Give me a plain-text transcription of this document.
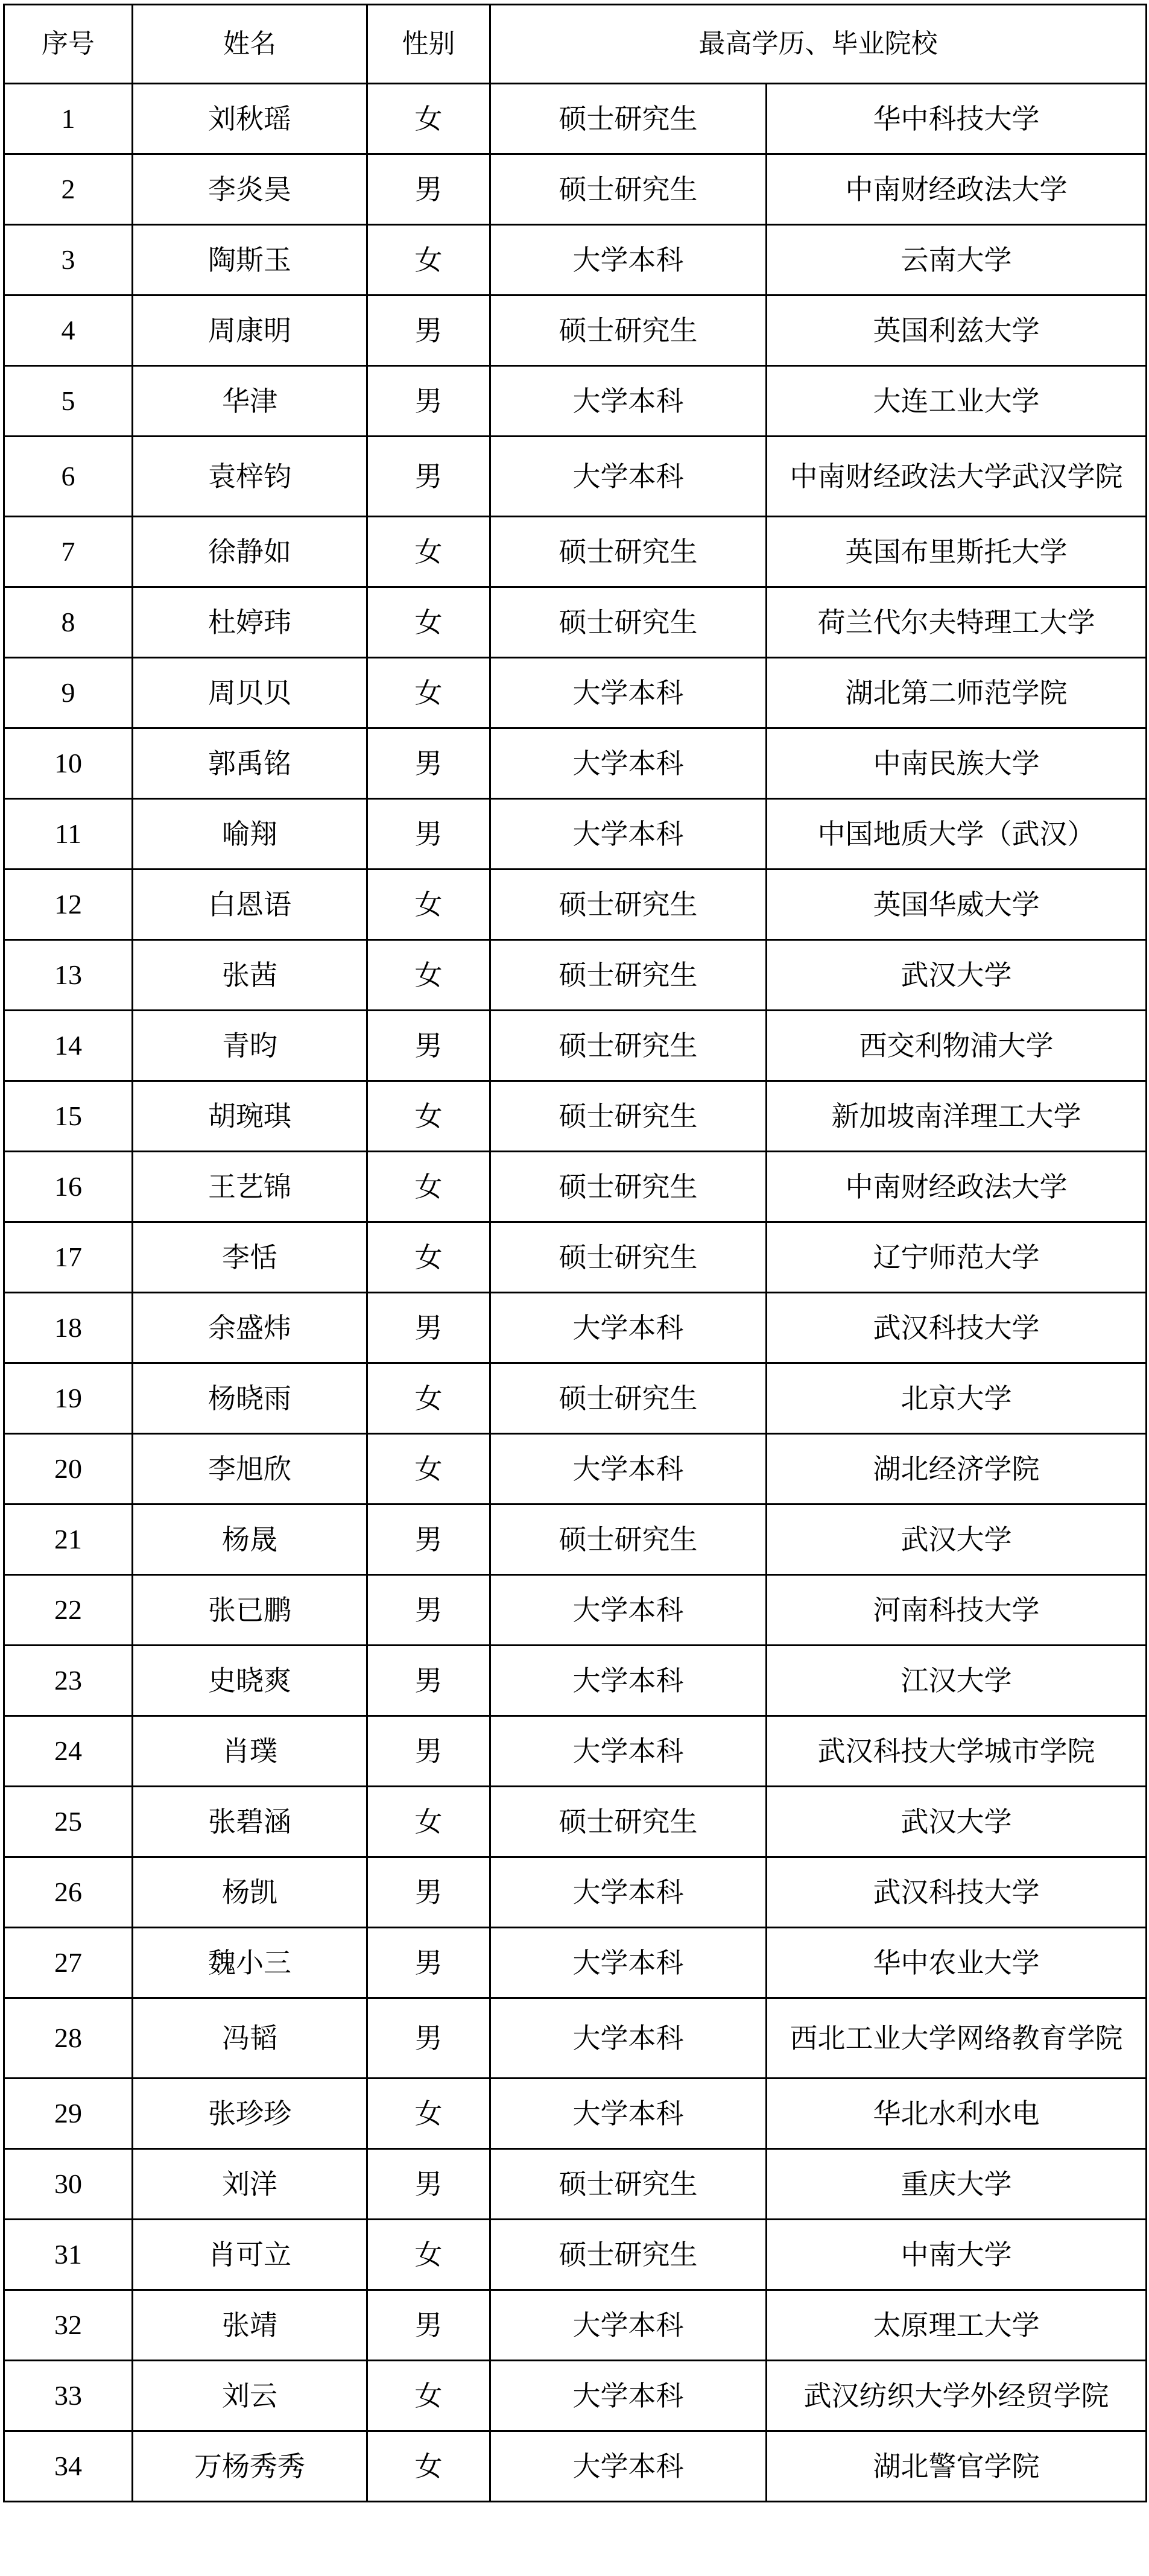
序号	姓名	性别	最高学历、毕业院校	
1	刘秋瑶	女	硕士研究生	华中科技大学
2	李炎昊	男	硕士研究生	中南财经政法大学
3	陶斯玉	女	大学本科	云南大学
4	周康明	男	硕士研究生	英国利兹大学
5	华津	男	大学本科	大连工业大学
6	袁梓钧	男	大学本科	中南财经政法大学武汉学院
7	徐静如	女	硕士研究生	英国布里斯托大学
8	杜婷玮	女	硕士研究生	荷兰代尔夫特理工大学
9	周贝贝	女	大学本科	湖北第二师范学院
10	郭禹铭	男	大学本科	中南民族大学
11	喻翔	男	大学本科	中国地质大学（武汉）
12	白恩语	女	硕士研究生	英国华威大学
13	张茜	女	硕士研究生	武汉大学
14	青昀	男	硕士研究生	西交利物浦大学
15	胡琬琪	女	硕士研究生	新加坡南洋理工大学
16	王艺锦	女	硕士研究生	中南财经政法大学
17	李恬	女	硕士研究生	辽宁师范大学
18	余盛炜	男	大学本科	武汉科技大学
19	杨晓雨	女	硕士研究生	北京大学
20	李旭欣	女	大学本科	湖北经济学院
21	杨晟	男	硕士研究生	武汉大学
22	张已鹏	男	大学本科	河南科技大学
23	史晓爽	男	大学本科	江汉大学
24	肖璞	男	大学本科	武汉科技大学城市学院
25	张碧涵	女	硕士研究生	武汉大学
26	杨凯	男	大学本科	武汉科技大学
27	魏小三	男	大学本科	华中农业大学
28	冯韬	男	大学本科	西北工业大学网络教育学院
29	张珍珍	女	大学本科	华北水利水电
30	刘洋	男	硕士研究生	重庆大学
31	肖可立	女	硕士研究生	中南大学
32	张靖	男	大学本科	太原理工大学
33	刘云	女	大学本科	武汉纺织大学外经贸学院
34	万杨秀秀	女	大学本科	湖北警官学院
